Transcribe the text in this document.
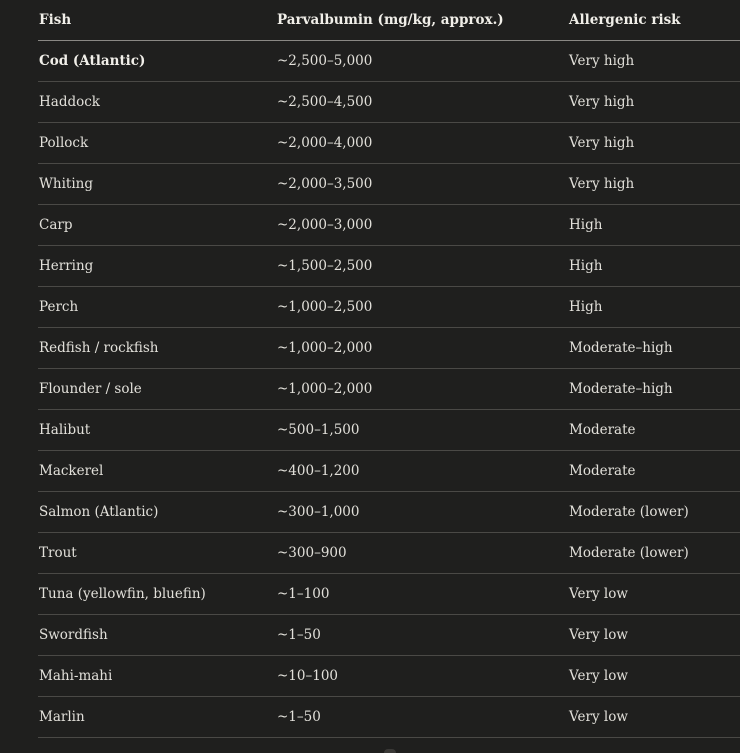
Fish	Parvalbumin (mg/kg, approx.)	Allergenic risk
Cod (Atlantic)	~2,500–5,000	Very high
Haddock	~2,500–4,500	Very high
Pollock	~2,000–4,000	Very high
Whiting	~2,000–3,500	Very high
Carp	~2,000–3,000	High
Herring	~1,500–2,500	High
Perch	~1,000–2,500	High
Redfish / rockfish	~1,000–2,000	Moderate–high
Flounder / sole	~1,000–2,000	Moderate–high
Halibut	~500–1,500	Moderate
Mackerel	~400–1,200	Moderate
Salmon (Atlantic)	~300–1,000	Moderate (lower)
Trout	~300–900	Moderate (lower)
Tuna (yellowfin, bluefin)	~1–100	Very low
Swordfish	~1–50	Very low
Mahi-mahi	~10–100	Very low
Marlin	~1–50	Very low
